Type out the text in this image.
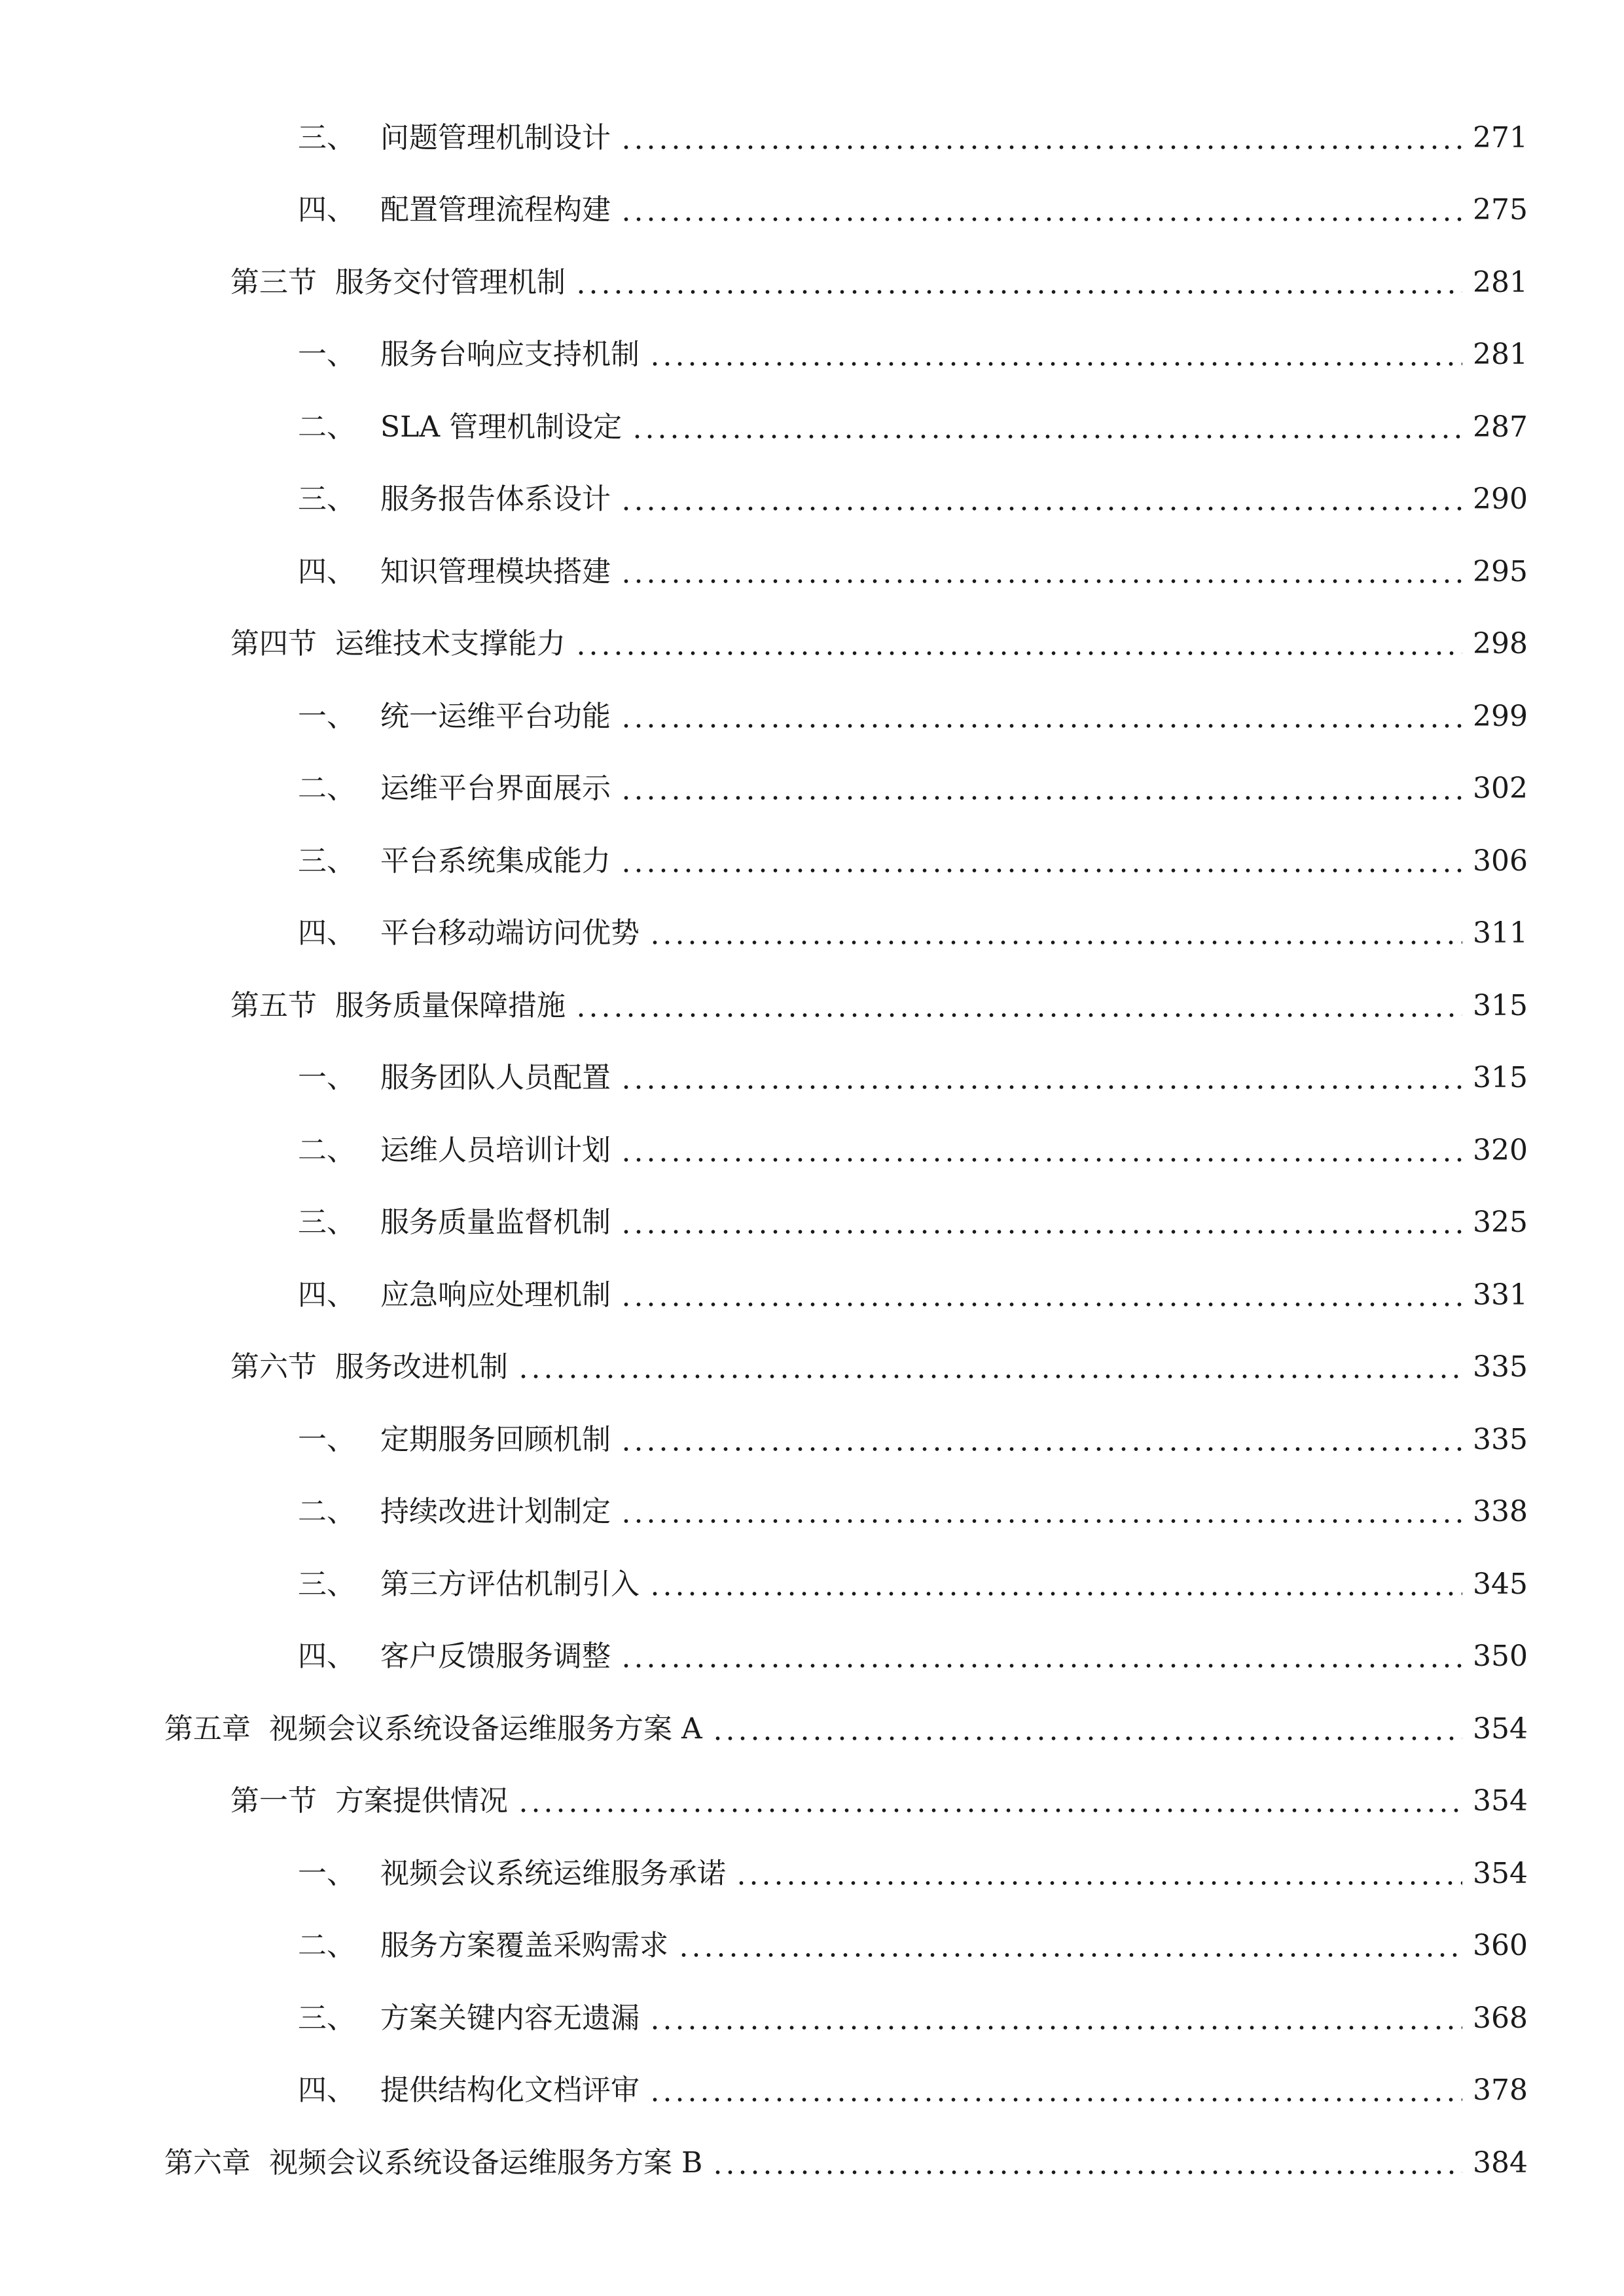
三、 问题管理机制设计	271
四、 配置管理流程构建	275
第三节 服务交付管理机制	281
一、 服务台响应支持机制	281
二、 SLA 管理机制设定	287
三、 服务报告体系设计	290
四、 知识管理模块搭建	295
第四节 运维技术支撑能力	298
一、 统一运维平台功能	299
二、 运维平台界面展示	302
三、 平台系统集成能力	306
四、 平台移动端访问优势	311
第五节 服务质量保障措施	315
一、 服务团队人员配置	315
二、 运维人员培训计划	320
三、 服务质量监督机制	325
四、 应急响应处理机制	331
第六节 服务改进机制	335
一、 定期服务回顾机制	335
二、 持续改进计划制定	338
三、 第三方评估机制引入	345
四、 客户反馈服务调整	350
第五章 视频会议系统设备运维服务方案 A	354
第一节 方案提供情况	354
一、 视频会议系统运维服务承诺	354
二、 服务方案覆盖采购需求	360
三、 方案关键内容无遗漏	368
四、 提供结构化文档评审	378
第六章 视频会议系统设备运维服务方案 B	384
